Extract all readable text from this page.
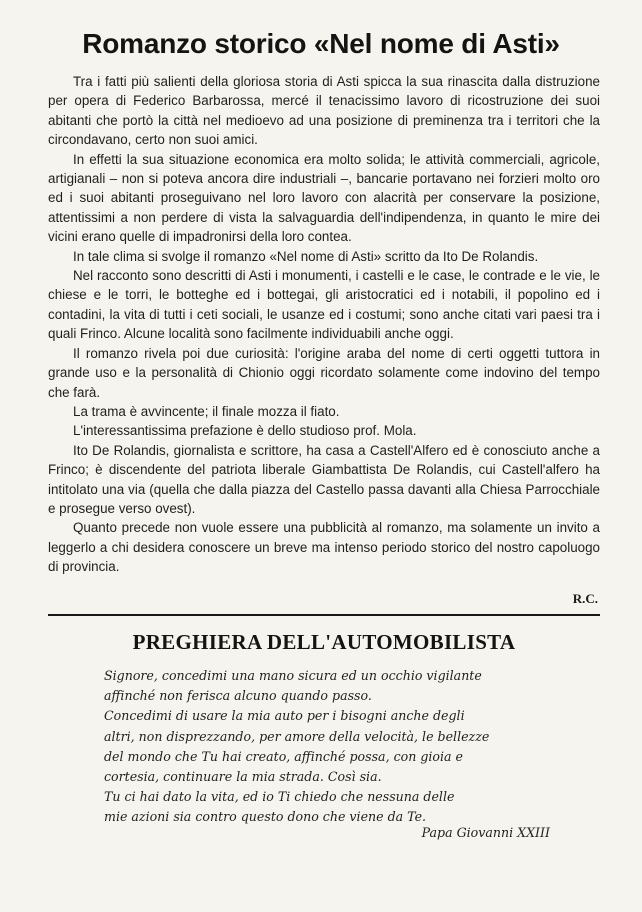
Romanzo storico «Nel nome di Asti»

Tra i fatti più salienti della gloriosa storia di Asti spicca la sua rinascita dalla distruzione per opera di Federico Barbarossa, mercé il tenacissimo lavoro di ricostruzione dei suoi abitanti che portò la città nel medioevo ad una posizione di preminenza tra i territori che la circondavano, certo non suoi amici.

In effetti la sua situazione economica era molto solida; le attività commerciali, agricole, artigianali – non si poteva ancora dire industriali –, bancarie portavano nei forzieri molto oro ed i suoi abitanti proseguivano nel loro lavoro con alacrità per conservare la posizione, attentissimi a non perdere di vista la salvaguardia dell'indipendenza, in quanto le mire dei vicini erano quelle di impadronirsi della loro contea.

In tale clima si svolge il romanzo «Nel nome di Asti» scritto da Ito De Rolandis.

Nel racconto sono descritti di Asti i monumenti, i castelli e le case, le contrade e le vie, le chiese e le torri, le botteghe ed i bottegai, gli aristocratici ed i notabili, il popolino ed i contadini, la vita di tutti i ceti sociali, le usanze ed i costumi; sono anche citati vari paesi tra i quali Frinco. Alcune località sono facilmente individuabili anche oggi.

Il romanzo rivela poi due curiosità: l'origine araba del nome di certi oggetti tuttora in grande uso e la personalità di Chionio oggi ricordato solamente come indovino del tempo che farà.

La trama è avvincente; il finale mozza il fiato.

L'interessantissima prefazione è dello studioso prof. Mola.

Ito De Rolandis, giornalista e scrittore, ha casa a Castell'Alfero ed è conosciuto anche a Frinco; è discendente del patriota liberale Giambattista De Rolandis, cui Castell'alfero ha intitolato una via (quella che dalla piazza del Castello passa davanti alla Chiesa Parrocchiale e prosegue verso ovest).

Quanto precede non vuole essere una pubblicità al romanzo, ma solamente un invito a leggerlo a chi desidera conoscere un breve ma intenso periodo storico del nostro capoluogo di provincia.

R.C.
PREGHIERA DELL'AUTOMOBILISTA
Signore, concedimi una mano sicura ed un occhio vigilante
affinché non ferisca alcuno quando passo.
Concedimi di usare la mia auto per i bisogni anche degli
altri, non disprezzando, per amore della velocità, le bellezze
del mondo che Tu hai creato, affinché possa, con gioia e
cortesia, continuare la mia strada. Così sia.
Tu ci hai dato la vita, ed io Ti chiedo che nessuna delle
mie azioni sia contro questo dono che viene da Te.
Papa Giovanni XXIII
